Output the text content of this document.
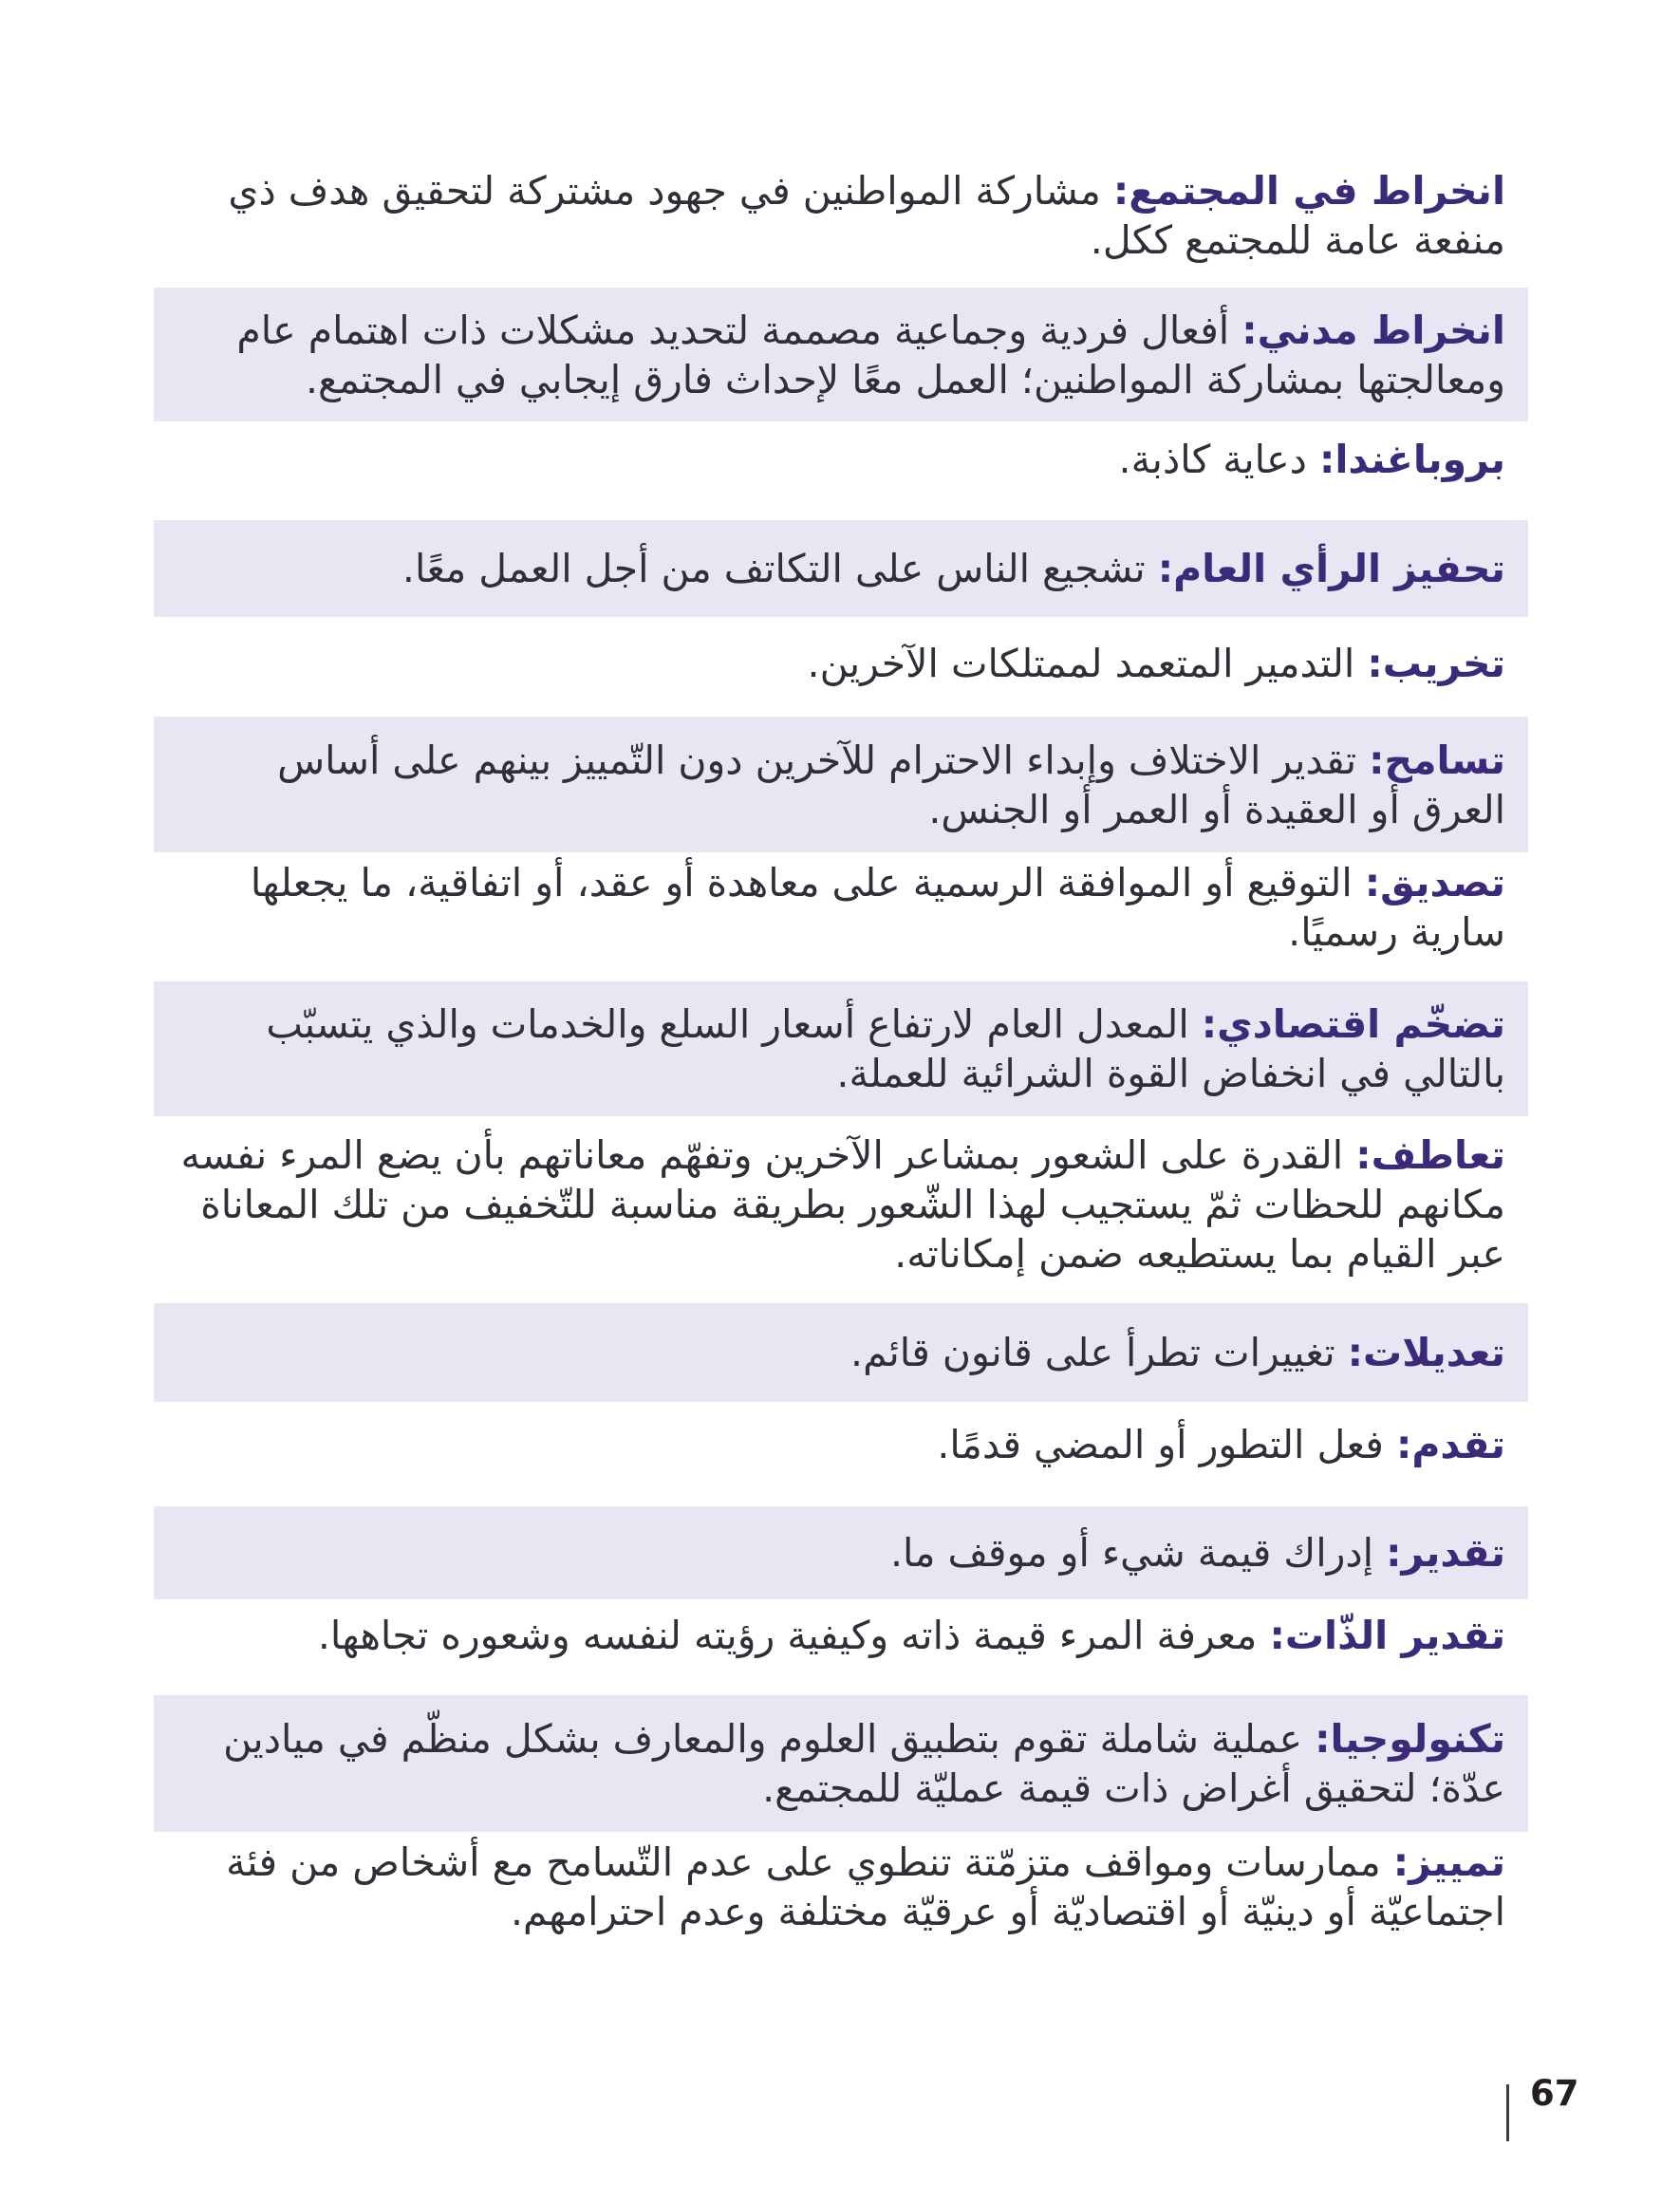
انخراط في المجتمع: مشاركة المواطنين في جهود مشتركة لتحقيق هدف ذي منفعة عامة للمجتمع ككل.

انخراط مدني: أفعال فردية وجماعية مصممة لتحديد مشكلات ذات اهتمام عام ومعالجتها بمشاركة المواطنين؛ العمل معًا لإحداث فارق إيجابي في المجتمع.

بروباغندا: دعاية كاذبة.

تحفيز الرأي العام: تشجيع الناس على التكاتف من أجل العمل معًا.

تخريب: التدمير المتعمد لممتلكات الآخرين.

تسامح: تقدير الاختلاف وإبداء الاحترام للآخرين دون التّمييز بينهم على أساس العرق أو العقيدة أو العمر أو الجنس.

تصديق: التوقيع أو الموافقة الرسمية على معاهدة أو عقد، أو اتفاقية، ما يجعلها سارية رسميًا.

تضخّم اقتصادي: المعدل العام لارتفاع أسعار السلع والخدمات والذي يتسبّب بالتالي في انخفاض القوة الشرائية للعملة.

تعاطف: القدرة على الشعور بمشاعر الآخرين وتفهّم معاناتهم بأن يضع المرء نفسه مكانهم للحظات ثمّ يستجيب لهذا الشّعور بطريقة مناسبة للتّخفيف من تلك المعاناة عبر القيام بما يستطيعه ضمن إمكاناته.

تعديلات: تغييرات تطرأ على قانون قائم.

تقدم: فعل التطور أو المضي قدمًا.

تقدير: إدراك قيمة شيء أو موقف ما.

تقدير الذّات: معرفة المرء قيمة ذاته وكيفية رؤيته لنفسه وشعوره تجاهها.

تكنولوجيا: عملية شاملة تقوم بتطبيق العلوم والمعارف بشكل منظّم في ميادين عدّة؛ لتحقيق أغراض ذات قيمة عمليّة للمجتمع.

تمييز: ممارسات ومواقف متزمّتة تنطوي على عدم التّسامح مع أشخاص من فئة اجتماعيّة أو دينيّة أو اقتصاديّة أو عرقيّة مختلفة وعدم احترامهم.

67
